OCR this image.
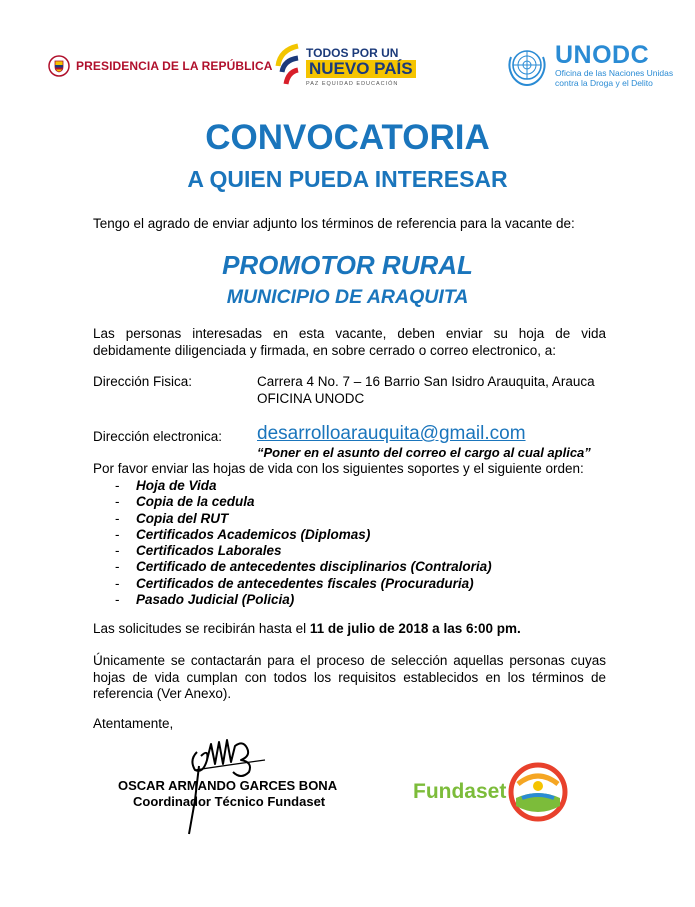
PRESIDENCIA DE LA REPÚBLICA
TODOS POR UN
NUEVO PAÍS
PAZ EQUIDAD EDUCACIÓN
UNODC
Oficina de las Naciones Unidas
contra la Droga y el Delito
CONVOCATORIA
A QUIEN PUEDA INTERESAR
Tengo el agrado de enviar adjunto los términos de referencia para la vacante de:
PROMOTOR RURAL
MUNICIPIO DE ARAQUITA
Las personas interesadas en esta vacante, deben enviar su hoja de vida debidamente diligenciada y firmada, en sobre cerrado o correo electronico, a:
Dirección Fisica:	Carrera 4 No. 7 – 16 Barrio San Isidro Arauquita, Arauca
OFICINA UNODC
Dirección electronica: desarrolloarauquita@gmail.com
“Poner en el asunto del correo el cargo al cual aplica”
Por favor enviar las hojas de vida con los siguientes soportes y el siguiente orden:
- Hoja de Vida
- Copia de la cedula
- Copia del RUT
- Certificados Academicos (Diplomas)
- Certificados Laborales
- Certificado de antecedentes disciplinarios (Contraloria)
- Certificados de antecedentes fiscales (Procuraduria)
- Pasado Judicial (Policia)
Las solicitudes se recibirán hasta el 11 de julio de 2018 a las 6:00 pm.
Únicamente se contactarán para el proceso de selección aquellas personas cuyas hojas de vida cumplan con todos los requisitos establecidos en los términos de referencia (Ver Anexo).
Atentamente,
OSCAR ARMANDO GARCES BONA
Coordinador Técnico Fundaset	Fundaset
